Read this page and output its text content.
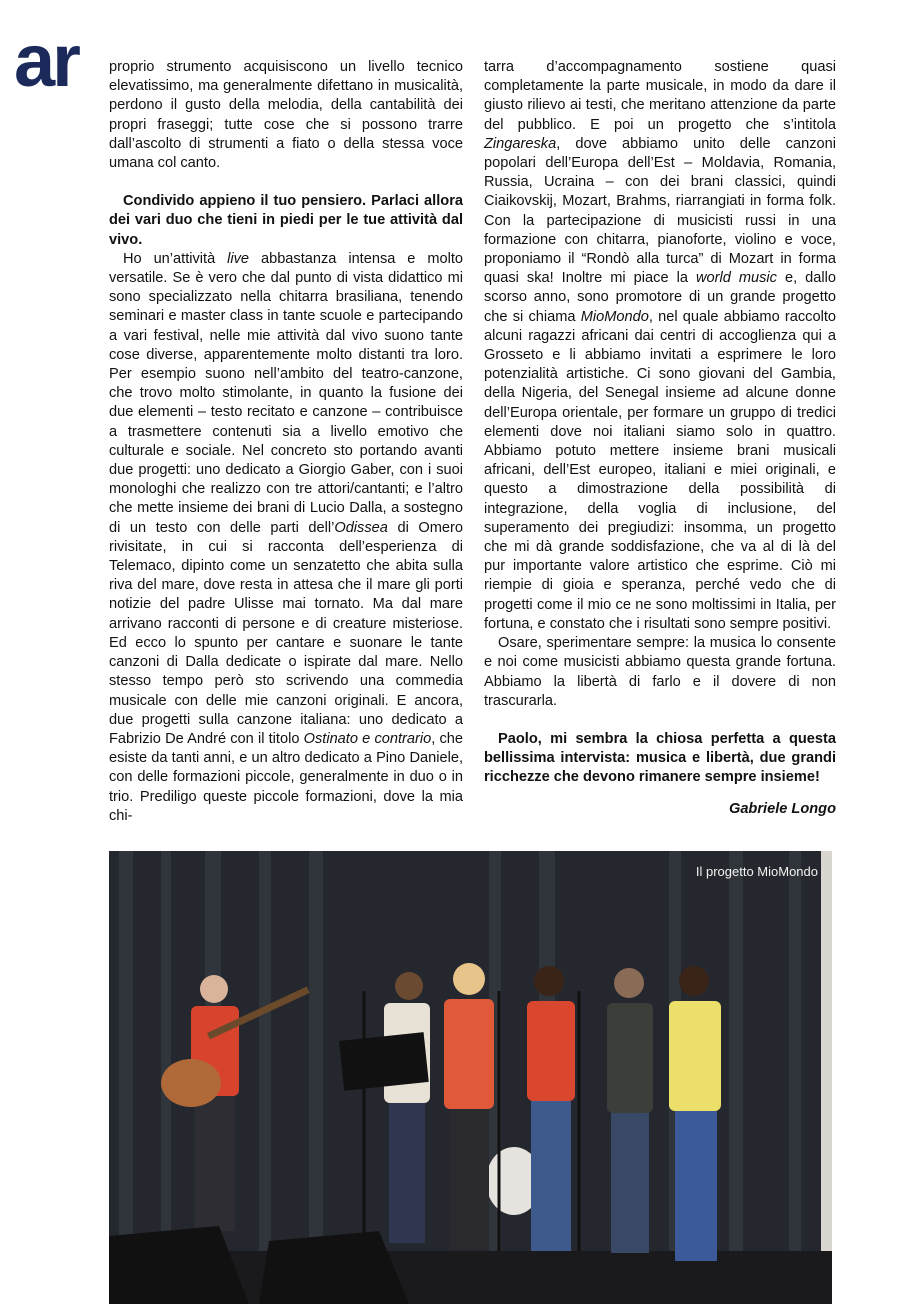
ar proprio strumento acquisiscono un livello tecnico elevatissimo, ma generalmente difettano in musicalità, perdono il gusto della melodia, della cantabilità dei propri fraseggi; tutte cose che si possono trarre dall’ascolto di strumenti a fiato o della stessa voce umana col canto.

Condivido appieno il tuo pensiero. Parlaci allora dei vari duo che tieni in piedi per le tue attività dal vivo.

Ho un’attività live abbastanza intensa e molto versatile. Se è vero che dal punto di vista didattico mi sono specializzato nella chitarra brasiliana, tenendo seminari e master class in tante scuole e partecipando a vari festival, nelle mie attività dal vivo suono tante cose diverse, apparentemente molto distanti tra loro. Per esempio suono nell’ambito del teatro-canzone, che trovo molto stimolante, in quanto la fusione dei due elementi – testo recitato e canzone – contribuisce a trasmettere contenuti sia a livello emotivo che culturale e sociale. Nel concreto sto portando avanti due progetti: uno dedicato a Giorgio Gaber, con i suoi monologhi che realizzo con tre attori/cantanti; e l’altro che mette insieme dei brani di Lucio Dalla, a sostegno di un testo con delle parti dell’Odissea di Omero rivisitate, in cui si racconta dell’esperienza di Telemaco, dipinto come un senzatetto che abita sulla riva del mare, dove resta in attesa che il mare gli porti notizie del padre Ulisse mai tornato. Ma dal mare arrivano racconti di persone e di creature misteriose. Ed ecco lo spunto per cantare e suonare le tante canzoni di Dalla dedicate o ispirate dal mare. Nello stesso tempo però sto scrivendo una commedia musicale con delle mie canzoni originali. E ancora, due progetti sulla canzone italiana: uno dedicato a Fabrizio De André con il titolo Ostinato e contrario, che esiste da tanti anni, e un altro dedicato a Pino Daniele, con delle formazioni piccole, generalmente in duo o in trio. Prediligo queste piccole formazioni, dove la mia chi-

tarra d’accompagnamento sostiene quasi completamente la parte musicale, in modo da dare il giusto rilievo ai testi, che meritano attenzione da parte del pubblico. E poi un progetto che s’intitola Zingareska, dove abbiamo unito delle canzoni popolari dell’Europa dell’Est – Moldavia, Romania, Russia, Ucraina – con dei brani classici, quindi Ciaikovskij, Mozart, Brahms, riarrangiati in forma folk. Con la partecipazione di musicisti russi in una formazione con chitarra, pianoforte, violino e voce, proponiamo il “Rondò alla turca” di Mozart in forma quasi ska! Inoltre mi piace la world music e, dallo scorso anno, sono promotore di un grande progetto che si chiama MioMondo, nel quale abbiamo raccolto alcuni ragazzi africani dai centri di accoglienza qui a Grosseto e li abbiamo invitati a esprimere le loro potenzialità artistiche. Ci sono giovani del Gambia, della Nigeria, del Senegal insieme ad alcune donne dell’Europa orientale, per formare un gruppo di tredici elementi dove noi italiani siamo solo in quattro. Abbiamo potuto mettere insieme brani musicali africani, dell’Est europeo, italiani e miei originali, e questo a dimostrazione della possibilità di integrazione, della voglia di inclusione, del superamento dei pregiudizi: insomma, un progetto che mi dà grande soddisfazione, che va al di là del pur importante valore artistico che esprime. Ciò mi riempie di gioia e speranza, perché vedo che di progetti come il mio ce ne sono moltissimi in Italia, per fortuna, e constato che i risultati sono sempre positivi.

Osare, sperimentare sempre: la musica lo consente e noi come musicisti abbiamo questa grande fortuna. Abbiamo la libertà di farlo e il dovere di non trascurarla.

Paolo, mi sembra la chiosa perfetta a questa bellissima intervista: musica e libertà, due grandi ricchezze che devono rimanere sempre insieme!

Gabriele Longo
Il progetto MioMondo
